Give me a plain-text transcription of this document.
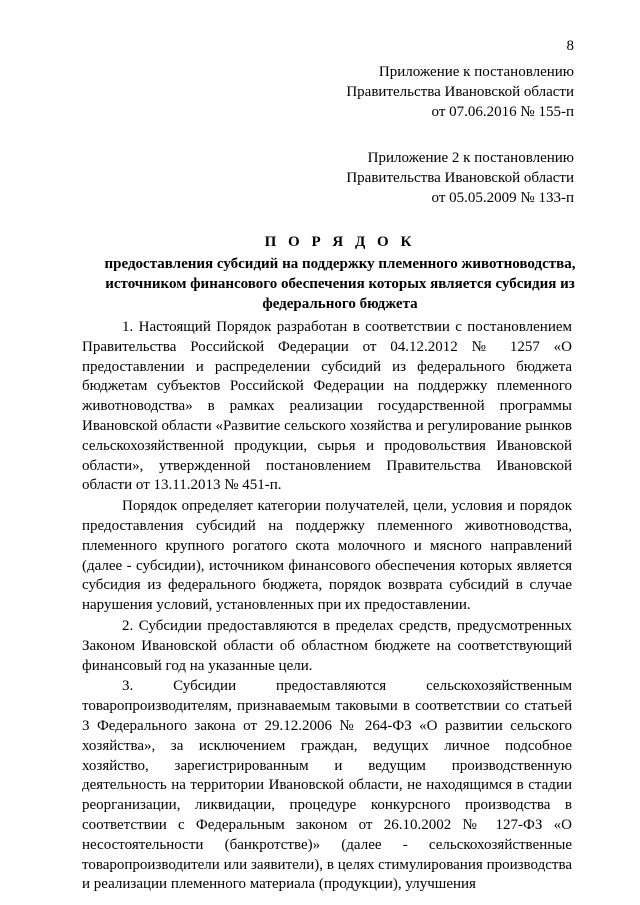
8
Приложение к постановлению
Правительства Ивановской области
от 07.06.2016 № 155-п
Приложение 2 к постановлению
Правительства Ивановской области
от 05.05.2009 № 133-п
П О Р Я Д О К
предоставления субсидий на поддержку племенного животноводства, источником финансового обеспечения которых является субсидия из федерального бюджета

1. Настоящий Порядок разработан в соответствии с постановлением Правительства Российской Федерации от 04.12.2012 № 1257 «О предоставлении и распределении субсидий из федерального бюджета бюджетам субъектов Российской Федерации на поддержку племенного животноводства» в рамках реализации государственной программы Ивановской области «Развитие сельского хозяйства и регулирование рынков сельскохозяйственной продукции, сырья и продовольствия Ивановской области», утвержденной постановлением Правительства Ивановской области от 13.11.2013 № 451-п.

Порядок определяет категории получателей, цели, условия и порядок предоставления субсидий на поддержку племенного животноводства, племенного крупного рогатого скота молочного и мясного направлений (далее - субсидии), источником финансового обеспечения которых является субсидия из федерального бюджета, порядок возврата субсидий в случае нарушения условий, установленных при их предоставлении.

2. Субсидии предоставляются в пределах средств, предусмотренных Законом Ивановской области об областном бюджете на соответствующий финансовый год на указанные цели.

3. Субсидии предоставляются сельскохозяйственным товаропроизводителям, признаваемым таковыми в соответствии со статьей 3 Федерального закона от 29.12.2006 № 264-ФЗ «О развитии сельского хозяйства», за исключением граждан, ведущих личное подсобное хозяйство, зарегистрированным и ведущим производственную деятельность на территории Ивановской области, не находящимся в стадии реорганизации, ликвидации, процедуре конкурсного производства в соответствии с Федеральным законом от 26.10.2002 № 127-ФЗ «О несостоятельности (банкротстве)» (далее - сельскохозяйственные товаропроизводители или заявители), в целях стимулирования производства и реализации племенного материала (продукции), улучшения
